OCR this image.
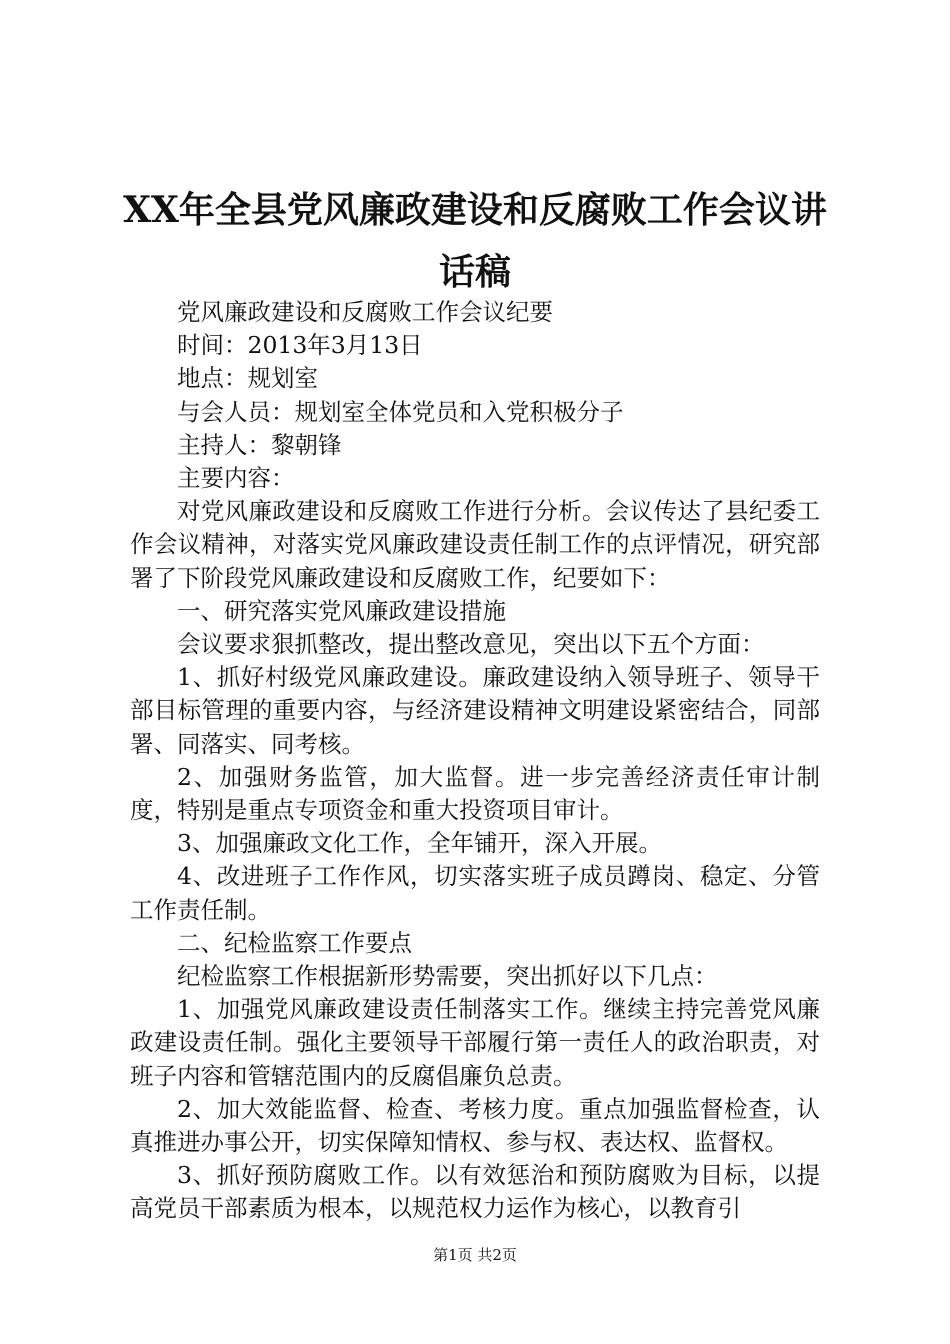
XX年全县党风廉政建设和反腐败工作会议讲
话稿

党风廉政建设和反腐败工作会议纪要

时间：2013年3月13日

地点：规划室

与会人员：规划室全体党员和入党积极分子

主持人：黎朝锋

主要内容：

对党风廉政建设和反腐败工作进行分析。会议传达了县纪委工作会议精神，对落实党风廉政建设责任制工作的点评情况，研究部署了下阶段党风廉政建设和反腐败工作，纪要如下：

一、研究落实党风廉政建设措施

会议要求狠抓整改，提出整改意见，突出以下五个方面：

1、抓好村级党风廉政建设。廉政建设纳入领导班子、领导干部目标管理的重要内容，与经济建设精神文明建设紧密结合，同部署、同落实、同考核。

2、加强财务监管，加大监督。进一步完善经济责任审计制度，特别是重点专项资金和重大投资项目审计。

3、加强廉政文化工作，全年铺开，深入开展。

4、改进班子工作作风，切实落实班子成员蹲岗、稳定、分管工作责任制。

二、纪检监察工作要点

纪检监察工作根据新形势需要，突出抓好以下几点：

1、加强党风廉政建设责任制落实工作。继续主持完善党风廉政建设责任制。强化主要领导干部履行第一责任人的政治职责，对班子内容和管辖范围内的反腐倡廉负总责。

2、加大效能监督、检查、考核力度。重点加强监督检查，认真推进办事公开，切实保障知情权、参与权、表达权、监督权。

3、抓好预防腐败工作。以有效惩治和预防腐败为目标，以提高党员干部素质为根本，以规范权力运作为核心，以教育引

第1页 共2页
